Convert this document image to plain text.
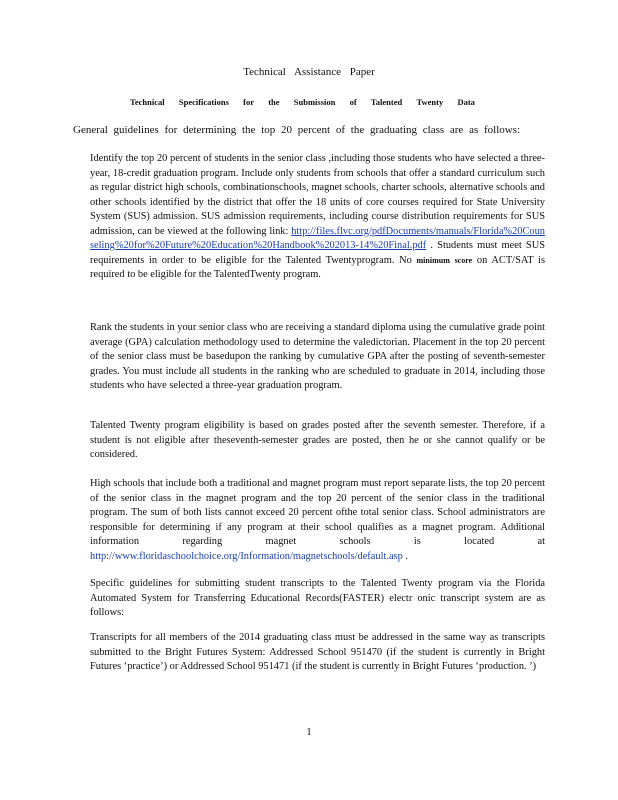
Technical Assistance Paper
Technical Specifications for the Submission of Talented Twenty Data
General guidelines for determining the top 20 percent of the graduating class are as follows:
Identify the top 20 percent of students in the senior class ,including those students who have selected a three-year, 18-credit graduation program. Include only students from schools that offer a standard curriculum such as regular district high schools, combinationschools, magnet schools, charter schools, alternative schools and other schools identified by the district that offer the 18 units of core courses required for State University System (SUS) admission. SUS admission requirements, including course distribution requirements for SUS admission, can be viewed at the following link: http://files.flvc.org/pdfDocuments/manuals/Florida%20Counseling%20for%20Future%20Education%20Handbook%202013-14%20Final.pdf . Students must meet SUS requirements in order to be eligible for the Talented Twentyprogram. No minimum score on ACT/SAT is required to be eligible for the TalentedTwenty program.
Rank the students in your senior class who are receiving a standard diploma using the cumulative grade point average (GPA) calculation methodology used to determine the valedictorian. Placement in the top 20 percent of the senior class must be basedupon the ranking by cumulative GPA after the posting of seventh-semester grades. You must include all students in the ranking who are scheduled to graduate in 2014, including those students who have selected a three-year graduation program.
Talented Twenty program eligibility is based on grades posted after the seventh semester. Therefore, if a student is not eligible after theseventh-semester grades are posted, then he or she cannot qualify or be considered.
High schools that include both a traditional and magnet program must report separate lists, the top 20 percent of the senior class in the magnet program and the top 20 percent of the senior class in the traditional program. The sum of both lists cannot exceed 20 percent ofthe total senior class. School administrators are responsible for determining if any program at their school qualifies as a magnet program. Additional information regarding magnet schools is located at http://www.floridaschoolchoice.org/Information/magnetschools/default.asp .
Specific guidelines for submitting student transcripts to the Talented Twenty program via the Florida Automated System for Transferring Educational Records(FASTER) electr onic transcript system are as follows:
Transcripts for all members of the 2014 graduating class must be addressed in the same way as transcripts submitted to the Bright Futures System: Addressed School 951470 (if the student is currently in Bright Futures ‘practice’) or Addressed School 951471 (if the student is currently in Bright Futures ‘production. ’)
1
